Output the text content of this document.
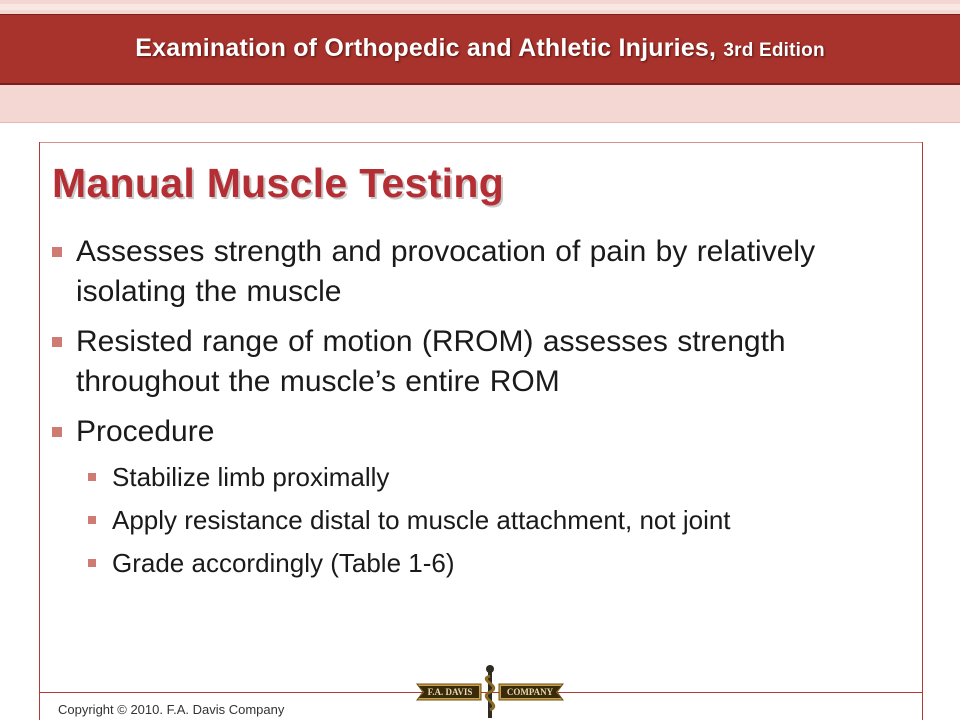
Examination of Orthopedic and Athletic Injuries, 3rd Edition
Manual Muscle Testing
Assesses strength and provocation of pain by relatively isolating the muscle
Resisted range of motion (RROM) assesses strength throughout the muscle’s entire ROM
Procedure
Stabilize limb proximally
Apply resistance distal to muscle attachment, not joint
Grade accordingly (Table 1-6)
Copyright © 2010. F.A. Davis Company
F.A. DAVIS	COMPANY
